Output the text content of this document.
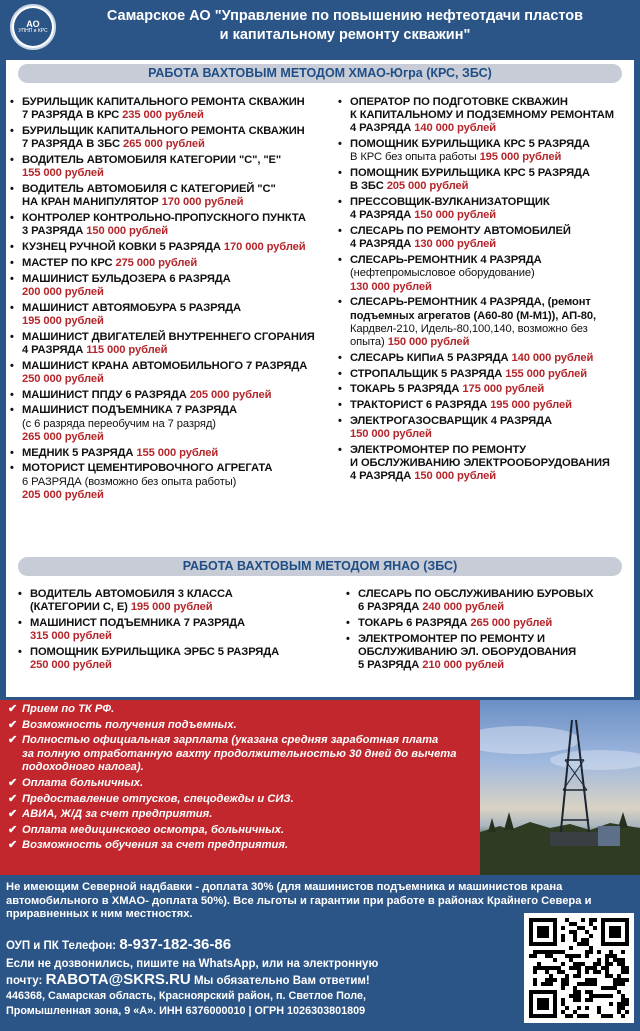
АО
УПНП и КРС
Самарское АО "Управление по повышению нефтеотдачи пластов
и капитальному ремонту скважин"
РАБОТА ВАХТОВЫМ МЕТОДОМ ХМАО-Югра (КРС, ЗБС)
• БУРИЛЬЩИК КАПИТАЛЬНОГО РЕМОНТА СКВАЖИН
7 РАЗРЯДА В КРС 235 000 рублей
• БУРИЛЬЩИК КАПИТАЛЬНОГО РЕМОНТА СКВАЖИН
7 РАЗРЯДА В ЗБС 265 000 рублей
• ВОДИТЕЛЬ АВТОМОБИЛЯ КАТЕГОРИИ "С", "Е"
155 000 рублей
• ВОДИТЕЛЬ АВТОМОБИЛЯ С КАТЕГОРИЕЙ "С"
НА КРАН МАНИПУЛЯТОР 170 000 рублей
• КОНТРОЛЕР КОНТРОЛЬНО-ПРОПУСКНОГО ПУНКТА
3 РАЗРЯДА 150 000 рублей
• КУЗНЕЦ РУЧНОЙ КОВКИ 5 РАЗРЯДА 170 000 рублей
• МАСТЕР ПО КРС 275 000 рублей
• МАШИНИСТ БУЛЬДОЗЕРА 6 РАЗРЯДА
200 000 рублей
• МАШИНИСТ АВТОЯМОБУРА 5 РАЗРЯДА
195 000 рублей
• МАШИНИСТ ДВИГАТЕЛЕЙ ВНУТРЕННЕГО СГОРАНИЯ
4 РАЗРЯДА 115 000 рублей
• МАШИНИСТ КРАНА АВТОМОБИЛЬНОГО 7 РАЗРЯДА
250 000 рублей
• МАШИНИСТ ППДУ 6 РАЗРЯДА 205 000 рублей
• МАШИНИСТ ПОДЪЕМНИКА 7 РАЗРЯДА
(с 6 разряда переобучим на 7 разряд)
265 000 рублей
• МЕДНИК 5 РАЗРЯДА 155 000 рублей
• МОТОРИСТ ЦЕМЕНТИРОВОЧНОГО АГРЕГАТА
6 РАЗРЯДА (возможно без опыта работы)
205 000 рублей
• ОПЕРАТОР ПО ПОДГОТОВКЕ СКВАЖИН
К КАПИТАЛЬНОМУ И ПОДЗЕМНОМУ РЕМОНТАМ
4 РАЗРЯДА 140 000 рублей
• ПОМОЩНИК БУРИЛЬЩИКА КРС 5 РАЗРЯДА
В КРС без опыта работы 195 000 рублей
• ПОМОЩНИК БУРИЛЬЩИКА КРС 5 РАЗРЯДА
В ЗБС 205 000 рублей
• ПРЕССОВЩИК-ВУЛКАНИЗАТОРЩИК
4 РАЗРЯДА 150 000 рублей
• СЛЕСАРЬ ПО РЕМОНТУ АВТОМОБИЛЕЙ
4 РАЗРЯДА 130 000 рублей
• СЛЕСАРЬ-РЕМОНТНИК 4 РАЗРЯДА
(нефтепромысловое оборудование)
130 000 рублей
• СЛЕСАРЬ-РЕМОНТНИК 4 РАЗРЯДА, (ремонт
подъемных агрегатов (А60-80 (М-М1)), АП-80,
Кардвел-210, Идель-80,100,140, возможно без
опыта) 150 000 рублей
• СЛЕСАРЬ КИПиА 5 РАЗРЯДА 140 000 рублей
• СТРОПАЛЬЩИК 5 РАЗРЯДА 155 000 рублей
• ТОКАРЬ 5 РАЗРЯДА 175 000 рублей
• ТРАКТОРИСТ 6 РАЗРЯДА 195 000 рублей
• ЭЛЕКТРОГАЗОСВАРЩИК 4 РАЗРЯДА
150 000 рублей
• ЭЛЕКТРОМОНТЕР ПО РЕМОНТУ
И ОБСЛУЖИВАНИЮ ЭЛЕКТРООБОРУДОВАНИЯ
4 РАЗРЯДА 150 000 рублей
РАБОТА ВАХТОВЫМ МЕТОДОМ ЯНАО (ЗБС)
• ВОДИТЕЛЬ АВТОМОБИЛЯ 3 КЛАССА
(КАТЕГОРИИ С, Е) 195 000 рублей
• МАШИНИСТ ПОДЪЕМНИКА 7 РАЗРЯДА
315 000 рублей
• ПОМОЩНИК БУРИЛЬЩИКА ЭРБС 5 РАЗРЯДА
250 000 рублей
• СЛЕСАРЬ ПО ОБСЛУЖИВАНИЮ БУРОВЫХ
6 РАЗРЯДА 240 000 рублей
• ТОКАРЬ 6 РАЗРЯДА 265 000 рублей
• ЭЛЕКТРОМОНТЕР ПО РЕМОНТУ И
ОБСЛУЖИВАНИЮ ЭЛ. ОБОРУДОВАНИЯ
5 РАЗРЯДА 210 000 рублей
✔ Прием по ТК РФ.
✔ Возможность получения подъемных.
✔ Полностью официальная зарплата (указана средняя заработная плата
за полную отработанную вахту продолжительностью 30 дней до вычета
подоходного налога).
✔ Оплата больничных.
✔ Предоставление отпусков, спецодежды и СИЗ.
✔ АВИА, Ж/Д за счет предприятия.
✔ Оплата медицинского осмотра, больничных.
✔ Возможность обучения за счет предприятия.
Не имеющим Северной надбавки - доплата 30% (для машинистов подъемника и машинистов крана
автомобильного в ХМАО- доплата 50%). Все льготы и гарантии при работе в районах Крайнего Севера и
приравненных к ним местностях.
ОУП и ПК Телефон: 8-937-182-36-86
Если не дозвонились, пишите на WhatsApp, или на электронную
почту: RABOTA@SKRS.RU Мы обязательно Вам ответим!
446368, Самарская область, Красноярский район, п. Светлое Поле,
Промышленная зона, 9 «А». ИНН 6376000010 | ОГРН 1026303801809
